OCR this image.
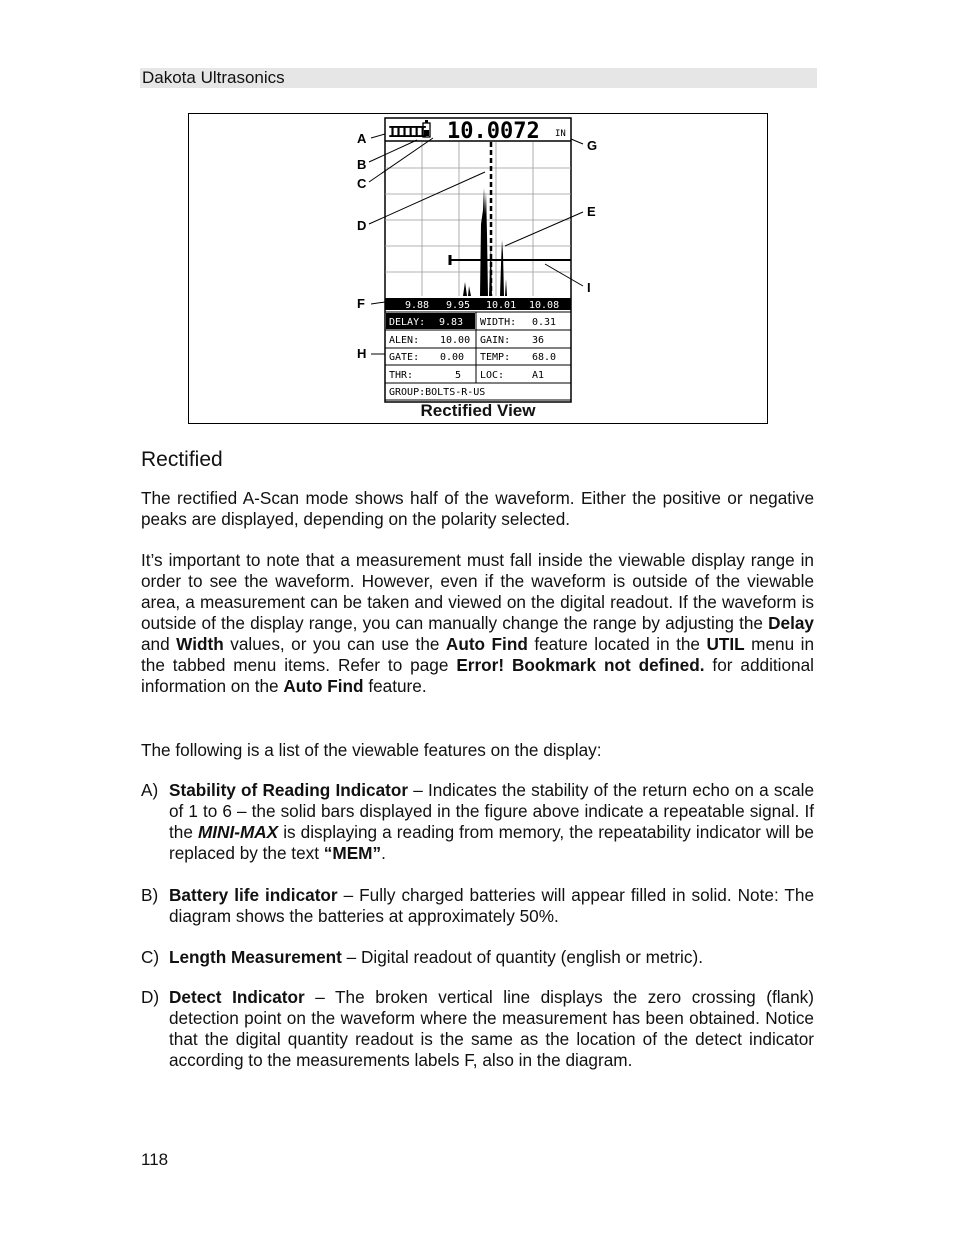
Dakota Ultrasonics
IIIIII 10.0072 IN
9.88 9.95 10.01 10.08
DELAY: 9.83 WIDTH: 0.31
ALEN: 10.00 GAIN: 36
GATE: 0.00 TEMP: 68.0
THR:	5 LOC:	A1
GROUP:BOLTS-R-US
A
B
C
D
F
H
G
E
I
Rectified View
Rectified

The rectified A-Scan mode shows half of the waveform. Either the positive or negative peaks are displayed, depending on the polarity selected.

It’s important to note that a measurement must fall inside the viewable display range in order to see the waveform. However, even if the waveform is outside of the viewable area, a measurement can be taken and viewed on the digital readout. If the waveform is outside of the display range, you can manually change the range by adjusting the Delay and Width values, or you can use the Auto Find feature located in the UTIL menu in the tabbed menu items. Refer to page Error! Bookmark not defined. for additional information on the Auto Find feature.

The following is a list of the viewable features on the display:

A) Stability of Reading Indicator – Indicates the stability of the return echo on a scale of 1 to 6 – the solid bars displayed in the figure above indicate a repeatable signal. If the MINI-MAX is displaying a reading from memory, the repeatability indicator will be replaced by the text “MEM”.
B) Battery life indicator – Fully charged batteries will appear filled in solid. Note: The diagram shows the batteries at approximately 50%.
C) Length Measurement – Digital readout of quantity (english or metric).
D) Detect Indicator – The broken vertical line displays the zero crossing (flank) detection point on the waveform where the measurement has been obtained. Notice that the digital quantity readout is the same as the location of the detect indicator according to the measurements labels F, also in the diagram.
118
